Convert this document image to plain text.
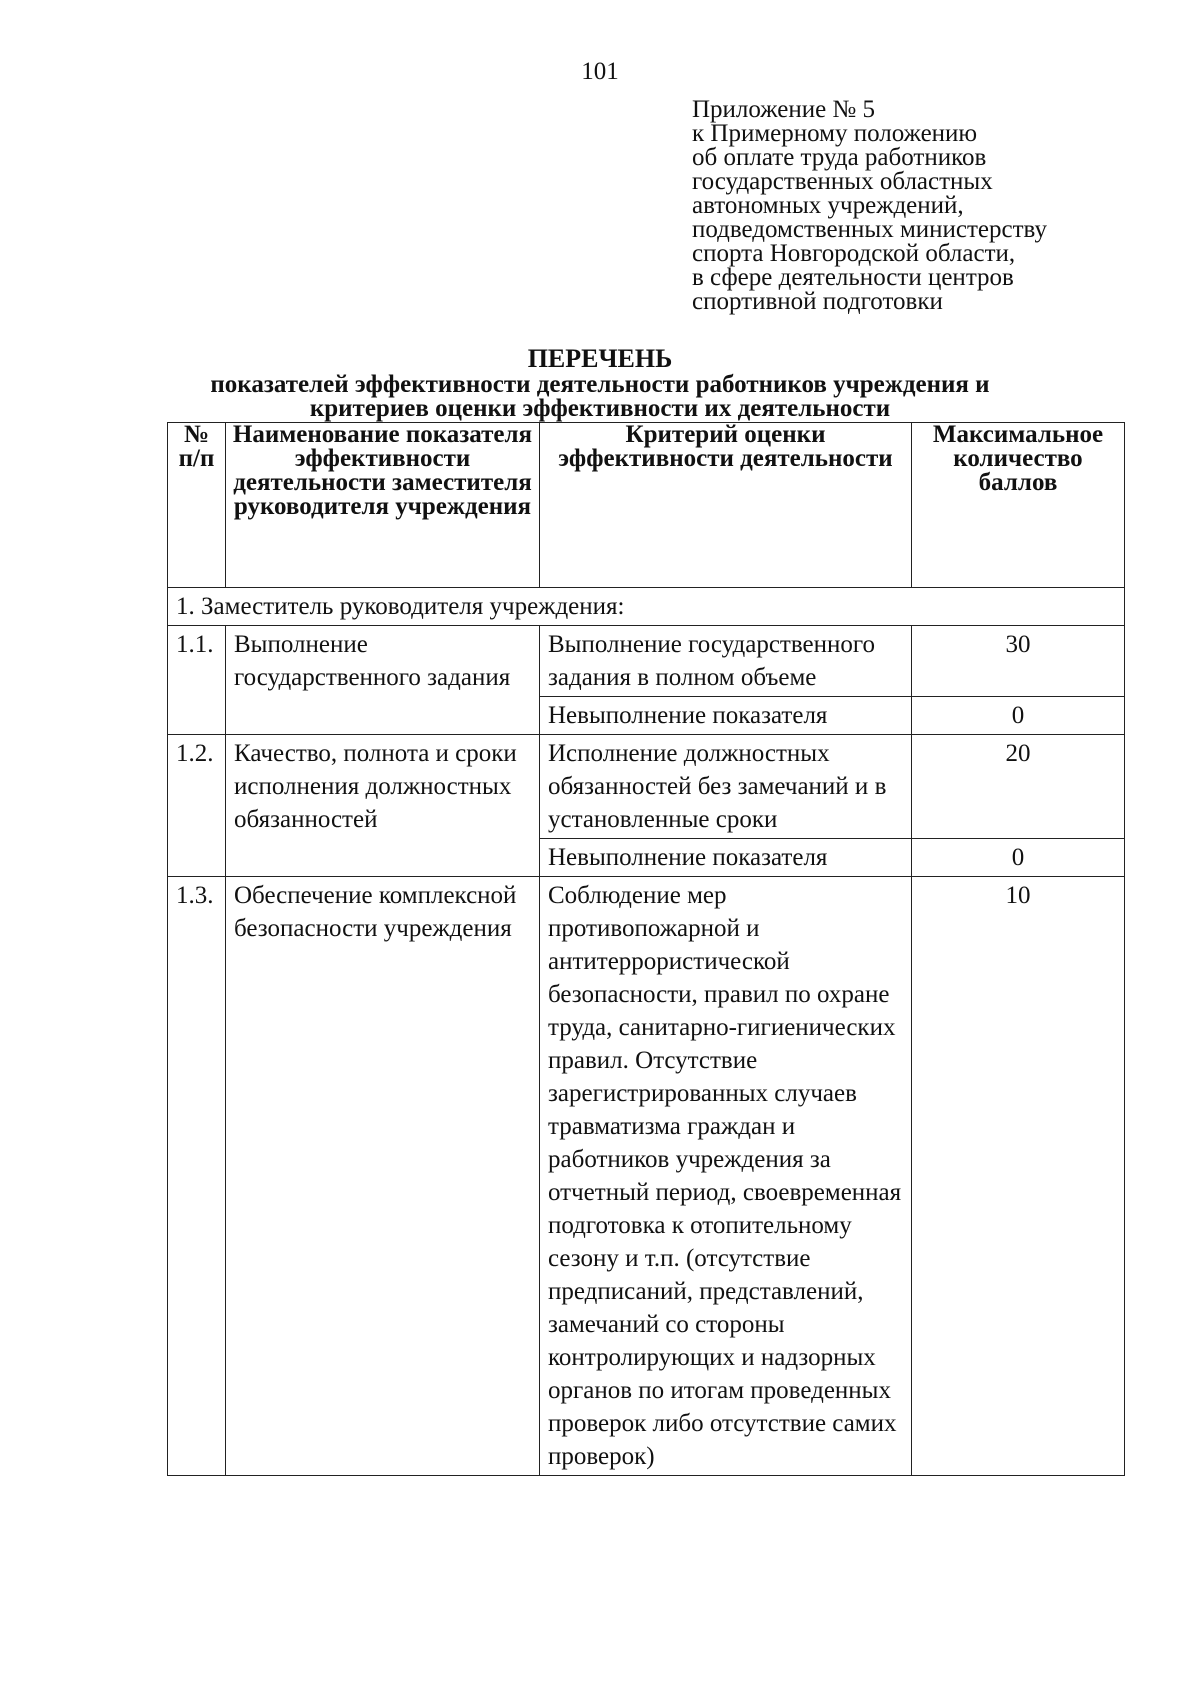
101
Приложение № 5
к Примерному положению
об оплате труда работников
государственных областных
автономных учреждений,
подведомственных министерству
спорта Новгородской области,
в сфере деятельности центров
спортивной подготовки
ПЕРЕЧЕНЬ
показателей эффективности деятельности работников учреждения и
критериев оценки эффективности их деятельности
№ п/п	Наименование показателя эффективности деятельности заместителя руководителя учреждения	Критерий оценки эффективности деятельности	Максимальное количество баллов
1. Заместитель руководителя учреждения:			
1.1.	Выполнение государственного задания	Выполнение государственного задания в полном объеме	30
		Невыполнение показателя	0
1.2.	Качество, полнота и сроки исполнения должностных обязанностей	Исполнение должностных обязанностей без замечаний и в установленные сроки	20
		Невыполнение показателя	0
1.3.	Обеспечение комплексной безопасности учреждения	Соблюдение мер противопожарной и антитеррористической безопасности, правил по охране труда, санитарно-гигиенических правил. Отсутствие зарегистрированных случаев травматизма граждан и работников учреждения за отчетный период, своевременная подготовка к отопительному сезону и т.п. (отсутствие предписаний, представлений, замечаний со стороны контролирующих и надзорных органов по итогам проведенных проверок либо отсутствие самих проверок)	10
